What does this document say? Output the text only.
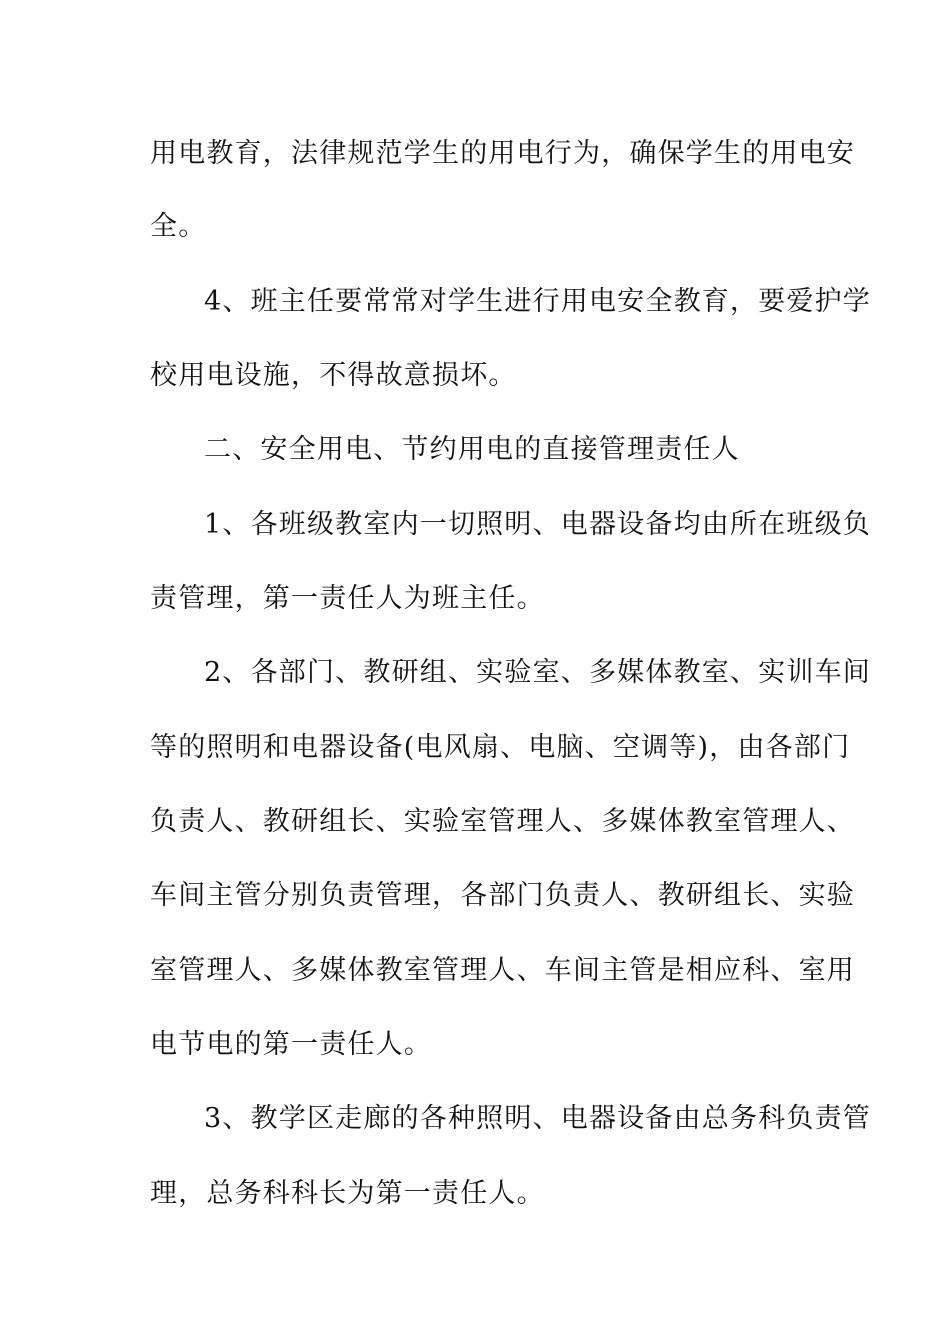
用电教育，法律规范学生的用电行为，确保学生的用电安

全。

4、班主任要常常对学生进行用电安全教育，要爱护学

校用电设施，不得故意损坏。

二、安全用电、节约用电的直接管理责任人

1、各班级教室内一切照明、电器设备均由所在班级负

责管理，第一责任人为班主任。

2、各部门、教研组、实验室、多媒体教室、实训车间

等的照明和电器设备(电风扇、电脑、空调等)，由各部门

负责人、教研组长、实验室管理人、多媒体教室管理人、

车间主管分别负责管理，各部门负责人、教研组长、实验

室管理人、多媒体教室管理人、车间主管是相应科、室用

电节电的第一责任人。

3、教学区走廊的各种照明、电器设备由总务科负责管

理，总务科科长为第一责任人。
